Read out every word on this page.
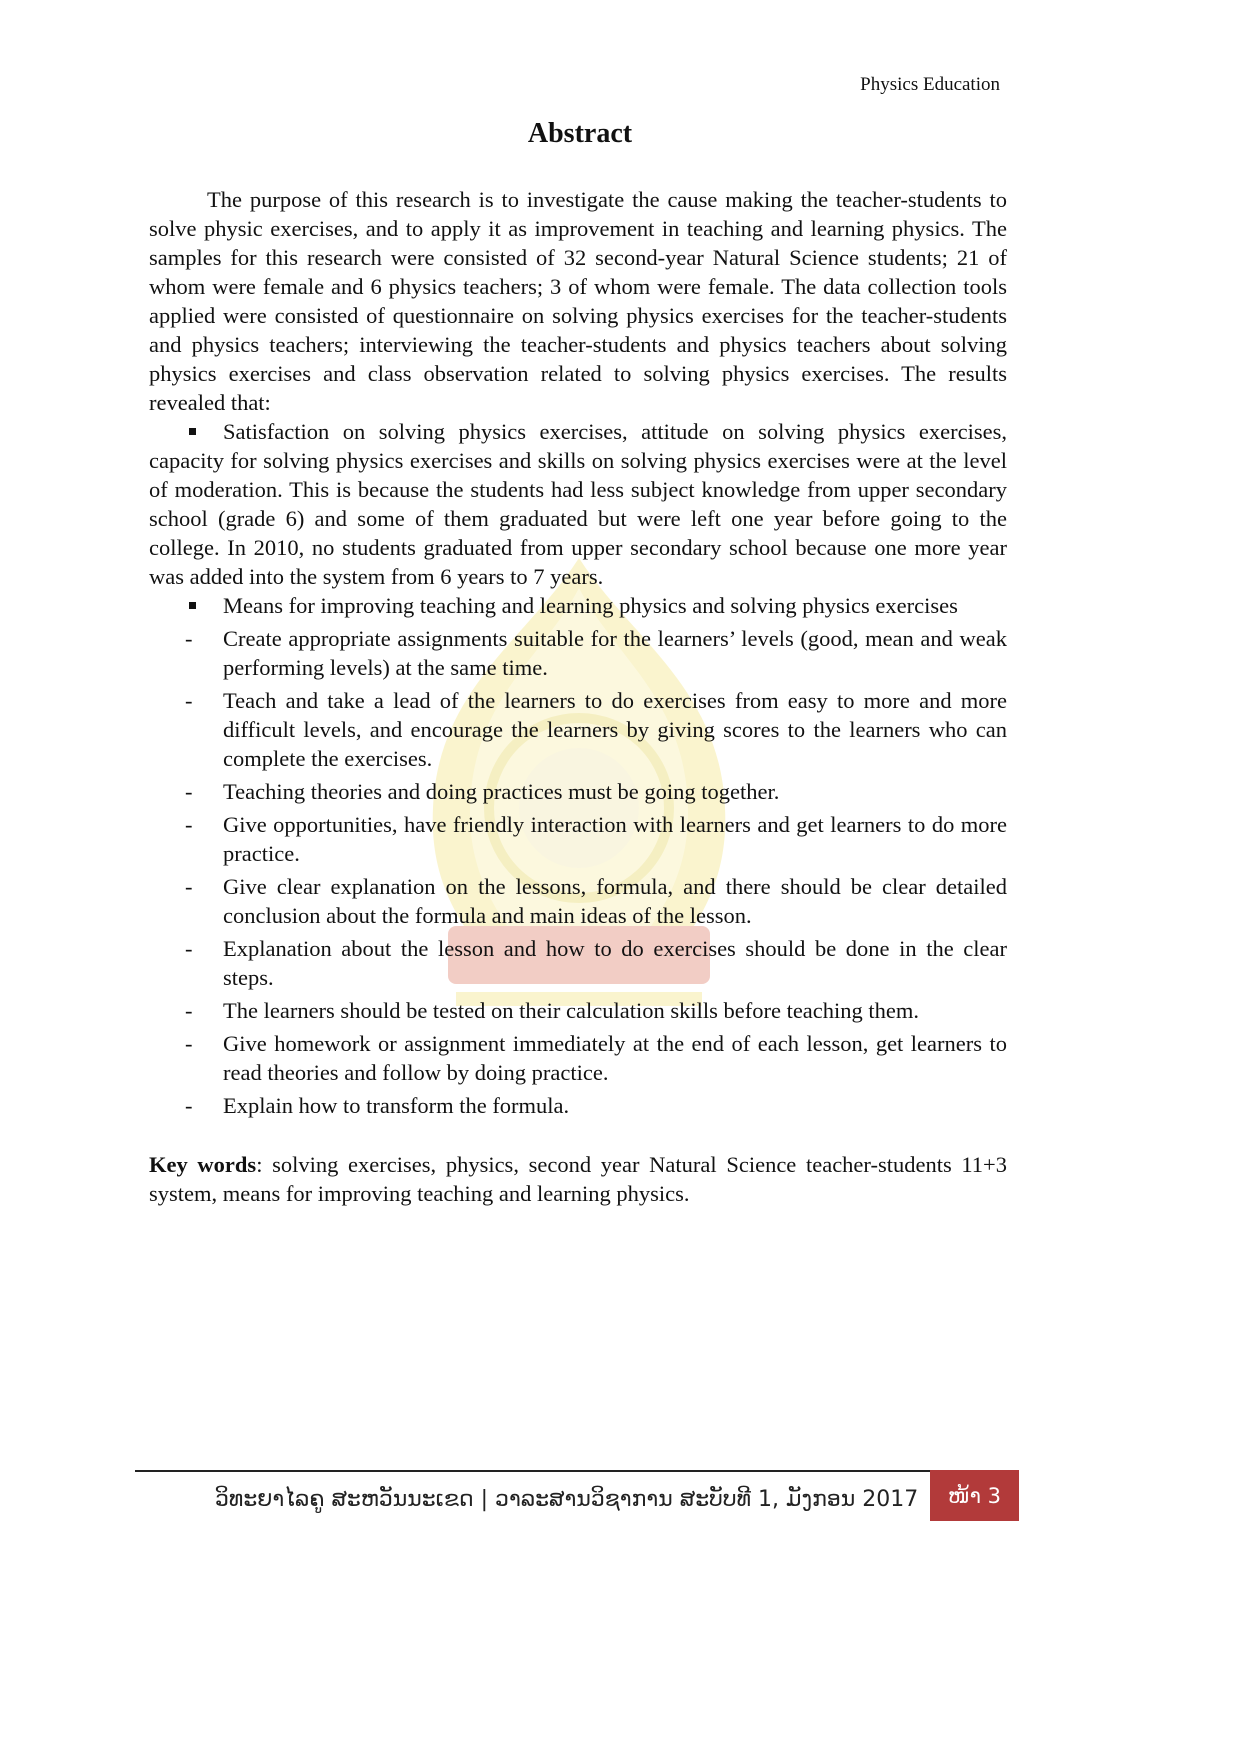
Physics Education
Abstract

The purpose of this research is to investigate the cause making the teacher-students to solve physic exercises, and to apply it as improvement in teaching and learning physics. The samples for this research were consisted of 32 second-year Natural Science students; 21 of whom were female and 6 physics teachers; 3 of whom were female. The data collection tools applied were consisted of questionnaire on solving physics exercises for the teacher-students and physics teachers; interviewing the teacher-students and physics teachers about solving physics exercises and class observation related to solving physics exercises. The results revealed that:

Satisfaction on solving physics exercises, attitude on solving physics exercises, capacity for solving physics exercises and skills on solving physics exercises were at the level of moderation. This is because the students had less subject knowledge from upper secondary school (grade 6) and some of them graduated but were left one year before going to the college. In 2010, no students graduated from upper secondary school because one more year was added into the system from 6 years to 7 years.

Means for improving teaching and learning physics and solving physics exercises

- Create appropriate assignments suitable for the learners’ levels (good, mean and weak performing levels) at the same time.
- Teach and take a lead of the learners to do exercises from easy to more and more difficult levels, and encourage the learners by giving scores to the learners who can complete the exercises.
- Teaching theories and doing practices must be going together.
- Give opportunities, have friendly interaction with learners and get learners to do more practice.
- Give clear explanation on the lessons, formula, and there should be clear detailed conclusion about the formula and main ideas of the lesson.
- Explanation about the lesson and how to do exercises should be done in the clear steps.
- The learners should be tested on their calculation skills before teaching them.
- Give homework or assignment immediately at the end of each lesson, get learners to read theories and follow by doing practice.
- Explain how to transform the formula.

Key words: solving exercises, physics, second year Natural Science teacher-students 11+3 system, means for improving teaching and learning physics.

ວິທະຍາໄລຄູ ສະຫວັນນະເຂດ | ວາລະສານວິຊາການ ສະບັບທີ 1, ມັງກອນ 2017	ໜ້າ 3
